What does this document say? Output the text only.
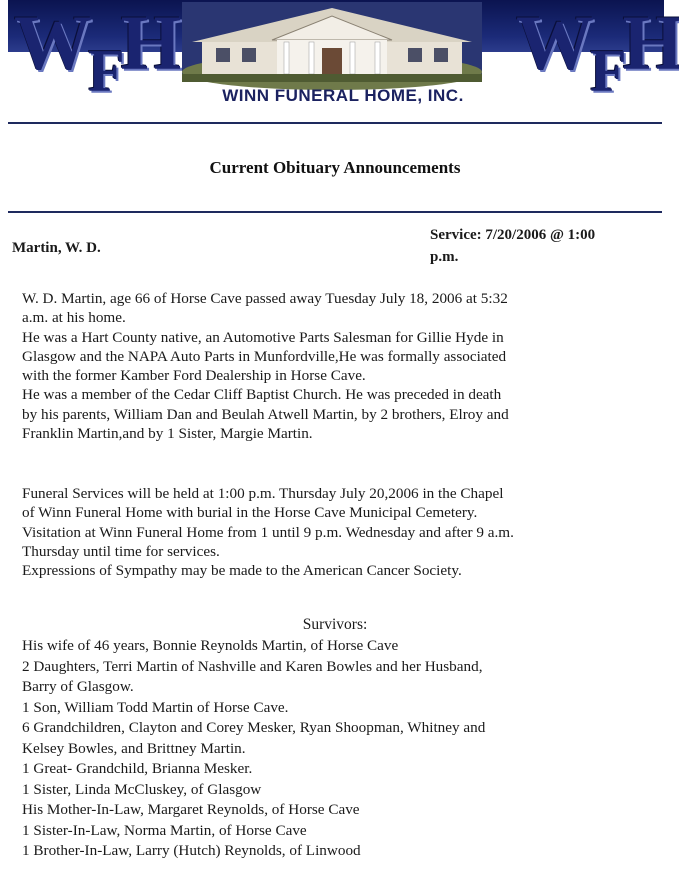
WFH	WFH
WINN FUNERAL HOME, INC.
Current Obituary Announcements
Martin, W. D.
Service: 7/20/2006 @ 1:00
p.m.
W. D. Martin, age 66 of Horse Cave passed away Tuesday July 18, 2006 at 5:32
a.m. at his home.
He was a Hart County native, an Automotive Parts Salesman for Gillie Hyde in
Glasgow and the NAPA Auto Parts in Munfordville,He was formally associated
with the former Kamber Ford Dealership in Horse Cave.
He was a member of the Cedar Cliff Baptist Church. He was preceded in death
by his parents, William Dan and Beulah Atwell Martin, by 2 brothers, Elroy and
Franklin Martin,and by 1 Sister, Margie Martin.
Funeral Services will be held at 1:00 p.m. Thursday July 20,2006 in the Chapel
of Winn Funeral Home with burial in the Horse Cave Municipal Cemetery.
Visitation at Winn Funeral Home from 1 until 9 p.m. Wednesday and after 9 a.m.
Thursday until time for services.
Expressions of Sympathy may be made to the American Cancer Society.
Survivors:
His wife of 46 years, Bonnie Reynolds Martin, of Horse Cave
2 Daughters, Terri Martin of Nashville and Karen Bowles and her Husband,
Barry of Glasgow.
1 Son, William Todd Martin of Horse Cave.
6 Grandchildren, Clayton and Corey Mesker, Ryan Shoopman, Whitney and
Kelsey Bowles, and Brittney Martin.
1 Great- Grandchild, Brianna Mesker.
1 Sister, Linda McCluskey, of Glasgow
His Mother-In-Law, Margaret Reynolds, of Horse Cave
1 Sister-In-Law, Norma Martin, of Horse Cave
1 Brother-In-Law, Larry (Hutch) Reynolds, of Linwood
